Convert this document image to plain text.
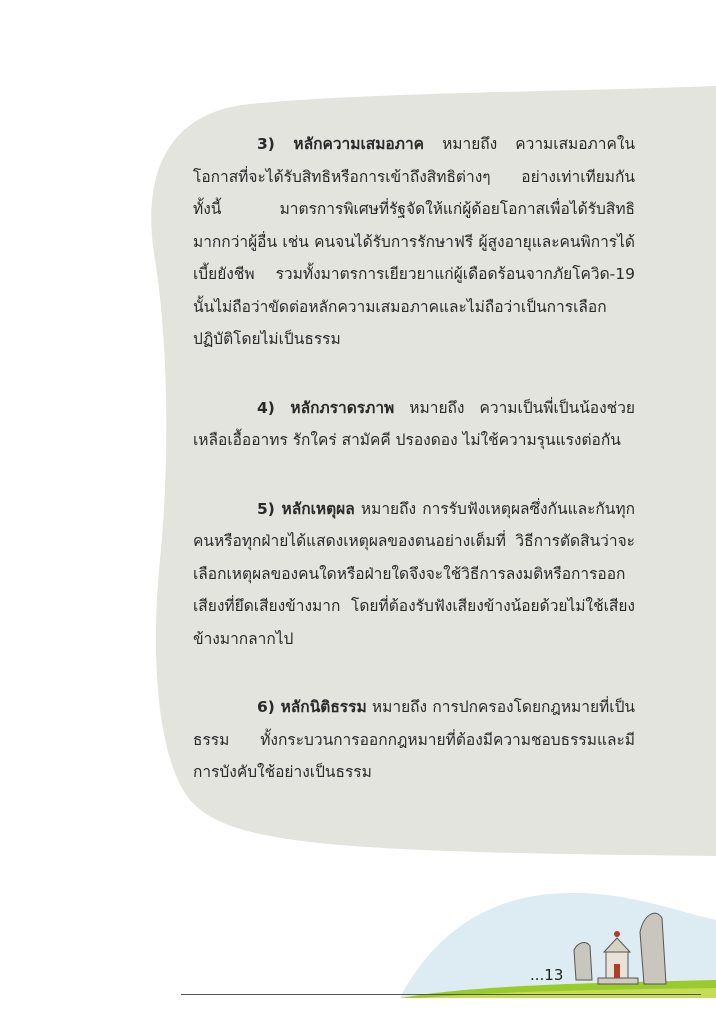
3) หลักความเสมอภาค หมายถึง ความเสมอภาคในโอกาสที่จะได้รับสิทธิหรือการเข้าถึงสิทธิต่างๆ อย่างเท่าเทียมกันทั้งนี้ มาตรการพิเศษที่รัฐจัดให้แก่ผู้ด้อยโอกาสเพื่อได้รับสิทธิมากกว่าผู้อื่น เช่น คนจนได้รับการรักษาฟรี ผู้สูงอายุและคนพิการได้เบี้ยยังชีพ รวมทั้งมาตรการเยียวยาแก่ผู้เดือดร้อนจากภัยโควิด-19 นั้นไม่ถือว่าขัดต่อหลักความเสมอภาคและไม่ถือว่าเป็นการเลือกปฏิบัติโดยไม่เป็นธรรม

4) หลักภราดรภาพ หมายถึง ความเป็นพี่เป็นน้องช่วยเหลือเอื้ออาทร รักใคร่ สามัคคี ปรองดอง ไม่ใช้ความรุนแรงต่อกัน

5) หลักเหตุผล หมายถึง การรับฟังเหตุผลซึ่งกันและกันทุกคนหรือทุกฝ่ายได้แสดงเหตุผลของตนอย่างเต็มที่ วิธีการตัดสินว่าจะเลือกเหตุผลของคนใดหรือฝ่ายใดจึงจะใช้วิธีการลงมติหรือการออกเสียงที่ยึดเสียงข้างมาก โดยที่ต้องรับฟังเสียงข้างน้อยด้วยไม่ใช้เสียงข้างมากลากไป

6) หลักนิติธรรม หมายถึง การปกครองโดยกฎหมายที่เป็นธรรม ทั้งกระบวนการออกกฎหมายที่ต้องมีความชอบธรรมและมีการบังคับใช้อย่างเป็นธรรม

...13
